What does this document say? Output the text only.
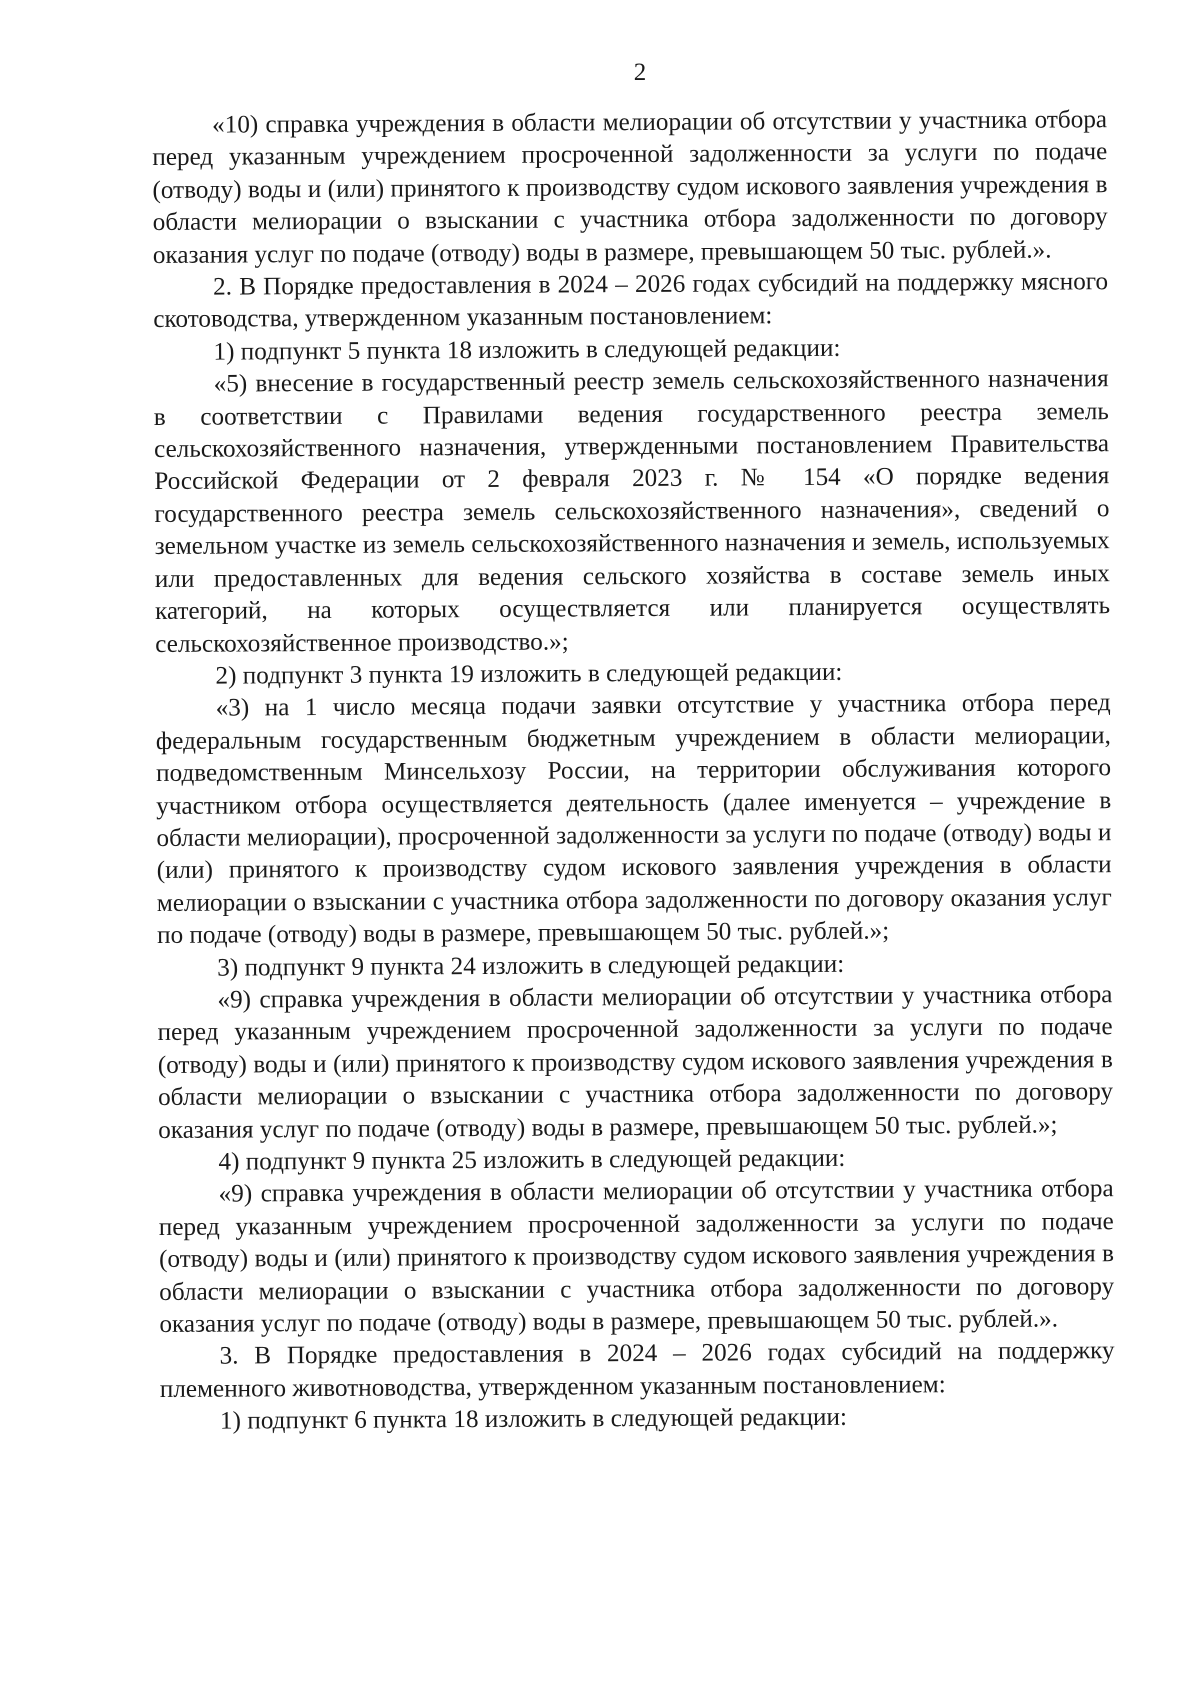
2

«10) справка учреждения в области мелиорации об отсутствии у участника отбора перед указанным учреждением просроченной задолженности за услуги по подаче (отводу) воды и (или) принятого к производству судом искового заявления учреждения в области мелиорации о взыскании с участника отбора задолженности по договору оказания услуг по подаче (отводу) воды в размере, превышающем 50 тыс. рублей.».

2. В Порядке предоставления в 2024 – 2026 годах субсидий на поддержку мясного скотоводства, утвержденном указанным постановлением:

1) подпункт 5 пункта 18 изложить в следующей редакции:

«5) внесение в государственный реестр земель сельскохозяйственного назначения в соответствии с Правилами ведения государственного реестра земель сельскохозяйственного назначения, утвержденными постановлением Правительства Российской Федерации от 2 февраля 2023 г. № 154 «О порядке ведения государственного реестра земель сельскохозяйственного назначения», сведений о земельном участке из земель сельскохозяйственного назначения и земель, используемых или предоставленных для ведения сельского хозяйства в составе земель иных категорий, на которых осуществляется или планируется осуществлять сельскохозяйственное производство.»;

2) подпункт 3 пункта 19 изложить в следующей редакции:

«3) на 1 число месяца подачи заявки отсутствие у участника отбора перед федеральным государственным бюджетным учреждением в области мелиорации, подведомственным Минсельхозу России, на территории обслуживания которого участником отбора осуществляется деятельность (далее именуется – учреждение в области мелиорации), просроченной задолженности за услуги по подаче (отводу) воды и (или) принятого к производству судом искового заявления учреждения в области мелиорации о взыскании с участника отбора задолженности по договору оказания услуг по подаче (отводу) воды в размере, превышающем 50 тыс. рублей.»;

3) подпункт 9 пункта 24 изложить в следующей редакции:

«9) справка учреждения в области мелиорации об отсутствии у участника отбора перед указанным учреждением просроченной задолженности за услуги по подаче (отводу) воды и (или) принятого к производству судом искового заявления учреждения в области мелиорации о взыскании с участника отбора задолженности по договору оказания услуг по подаче (отводу) воды в размере, превышающем 50 тыс. рублей.»;

4) подпункт 9 пункта 25 изложить в следующей редакции:

«9) справка учреждения в области мелиорации об отсутствии у участника отбора перед указанным учреждением просроченной задолженности за услуги по подаче (отводу) воды и (или) принятого к производству судом искового заявления учреждения в области мелиорации о взыскании с участника отбора задолженности по договору оказания услуг по подаче (отводу) воды в размере, превышающем 50 тыс. рублей.».

3. В Порядке предоставления в 2024 – 2026 годах субсидий на поддержку племенного животноводства, утвержденном указанным постановлением:

1) подпункт 6 пункта 18 изложить в следующей редакции:
